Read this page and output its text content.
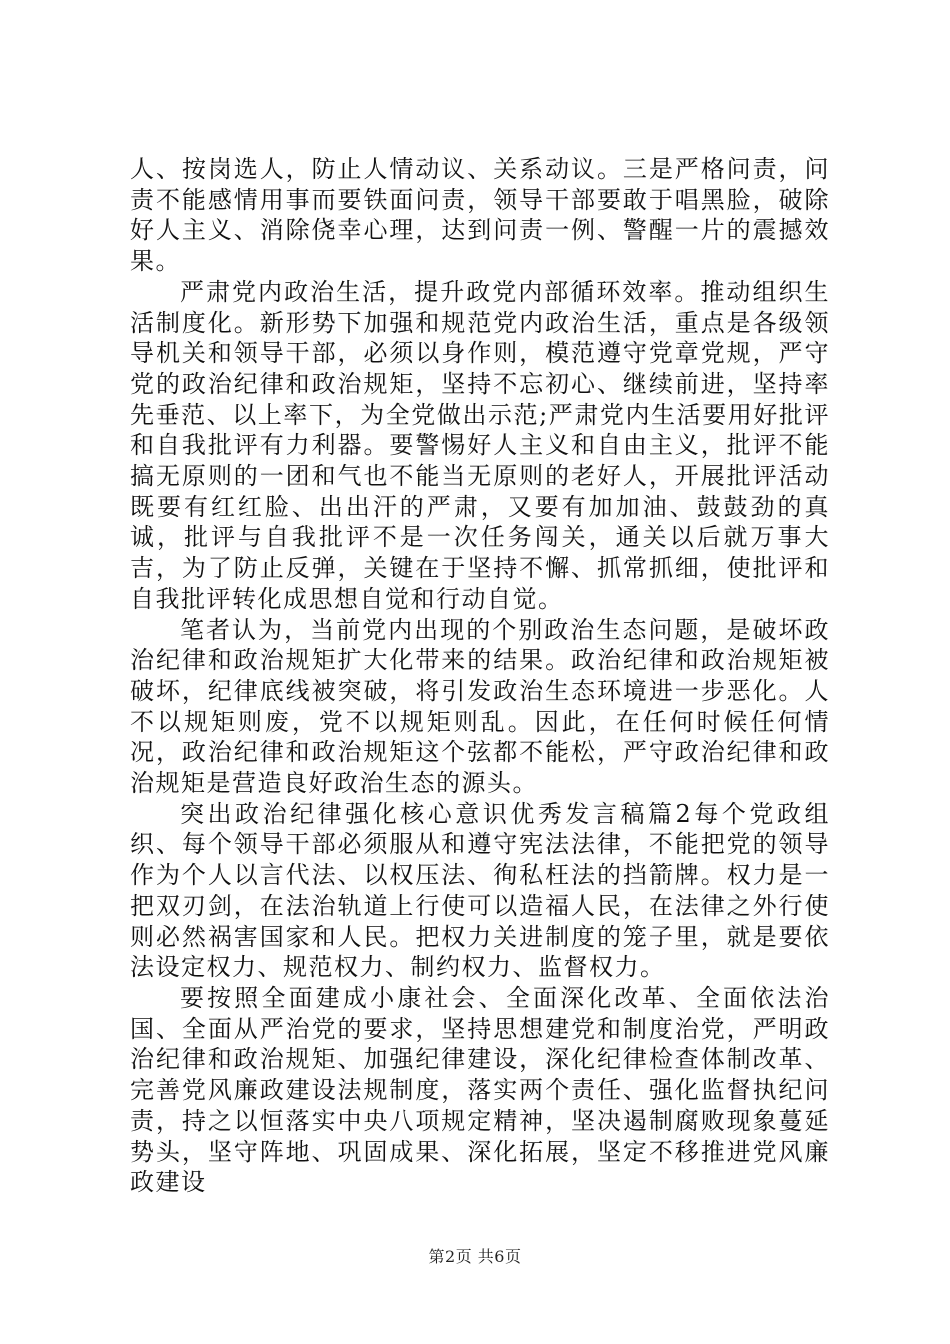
人、按岗选人，防止人情动议、关系动议。三是严格问责，问责不能感情用事而要铁面问责，领导干部要敢于唱黑脸，破除好人主义、消除侥幸心理，达到问责一例、警醒一片的震撼效果。

严肃党内政治生活，提升政党内部循环效率。推动组织生活制度化。新形势下加强和规范党内政治生活，重点是各级领导机关和领导干部，必须以身作则，模范遵守党章党规，严守党的政治纪律和政治规矩，坚持不忘初心、继续前进，坚持率先垂范、以上率下，为全党做出示范;严肃党内生活要用好批评和自我批评有力利器。要警惕好人主义和自由主义，批评不能搞无原则的一团和气也不能当无原则的老好人，开展批评活动既要有红红脸、出出汗的严肃，又要有加加油、鼓鼓劲的真诚，批评与自我批评不是一次任务闯关，通关以后就万事大吉，为了防止反弹，关键在于坚持不懈、抓常抓细，使批评和自我批评转化成思想自觉和行动自觉。

笔者认为，当前党内出现的个别政治生态问题，是破坏政治纪律和政治规矩扩大化带来的结果。政治纪律和政治规矩被破坏，纪律底线被突破，将引发政治生态环境进一步恶化。人不以规矩则废，党不以规矩则乱。因此，在任何时候任何情况，政治纪律和政治规矩这个弦都不能松，严守政治纪律和政治规矩是营造良好政治生态的源头。

突出政治纪律强化核心意识优秀发言稿篇2每个党政组织、每个领导干部必须服从和遵守宪法法律，不能把党的领导作为个人以言代法、以权压法、徇私枉法的挡箭牌。权力是一把双刃剑，在法治轨道上行使可以造福人民，在法律之外行使则必然祸害国家和人民。把权力关进制度的笼子里，就是要依法设定权力、规范权力、制约权力、监督权力。

要按照全面建成小康社会、全面深化改革、全面依法治国、全面从严治党的要求，坚持思想建党和制度治党，严明政治纪律和政治规矩、加强纪律建设，深化纪律检查体制改革、完善党风廉政建设法规制度，落实两个责任、强化监督执纪问责，持之以恒落实中央八项规定精神，坚决遏制腐败现象蔓延势头，坚守阵地、巩固成果、深化拓展，坚定不移推进党风廉政建设

第2页 共6页
